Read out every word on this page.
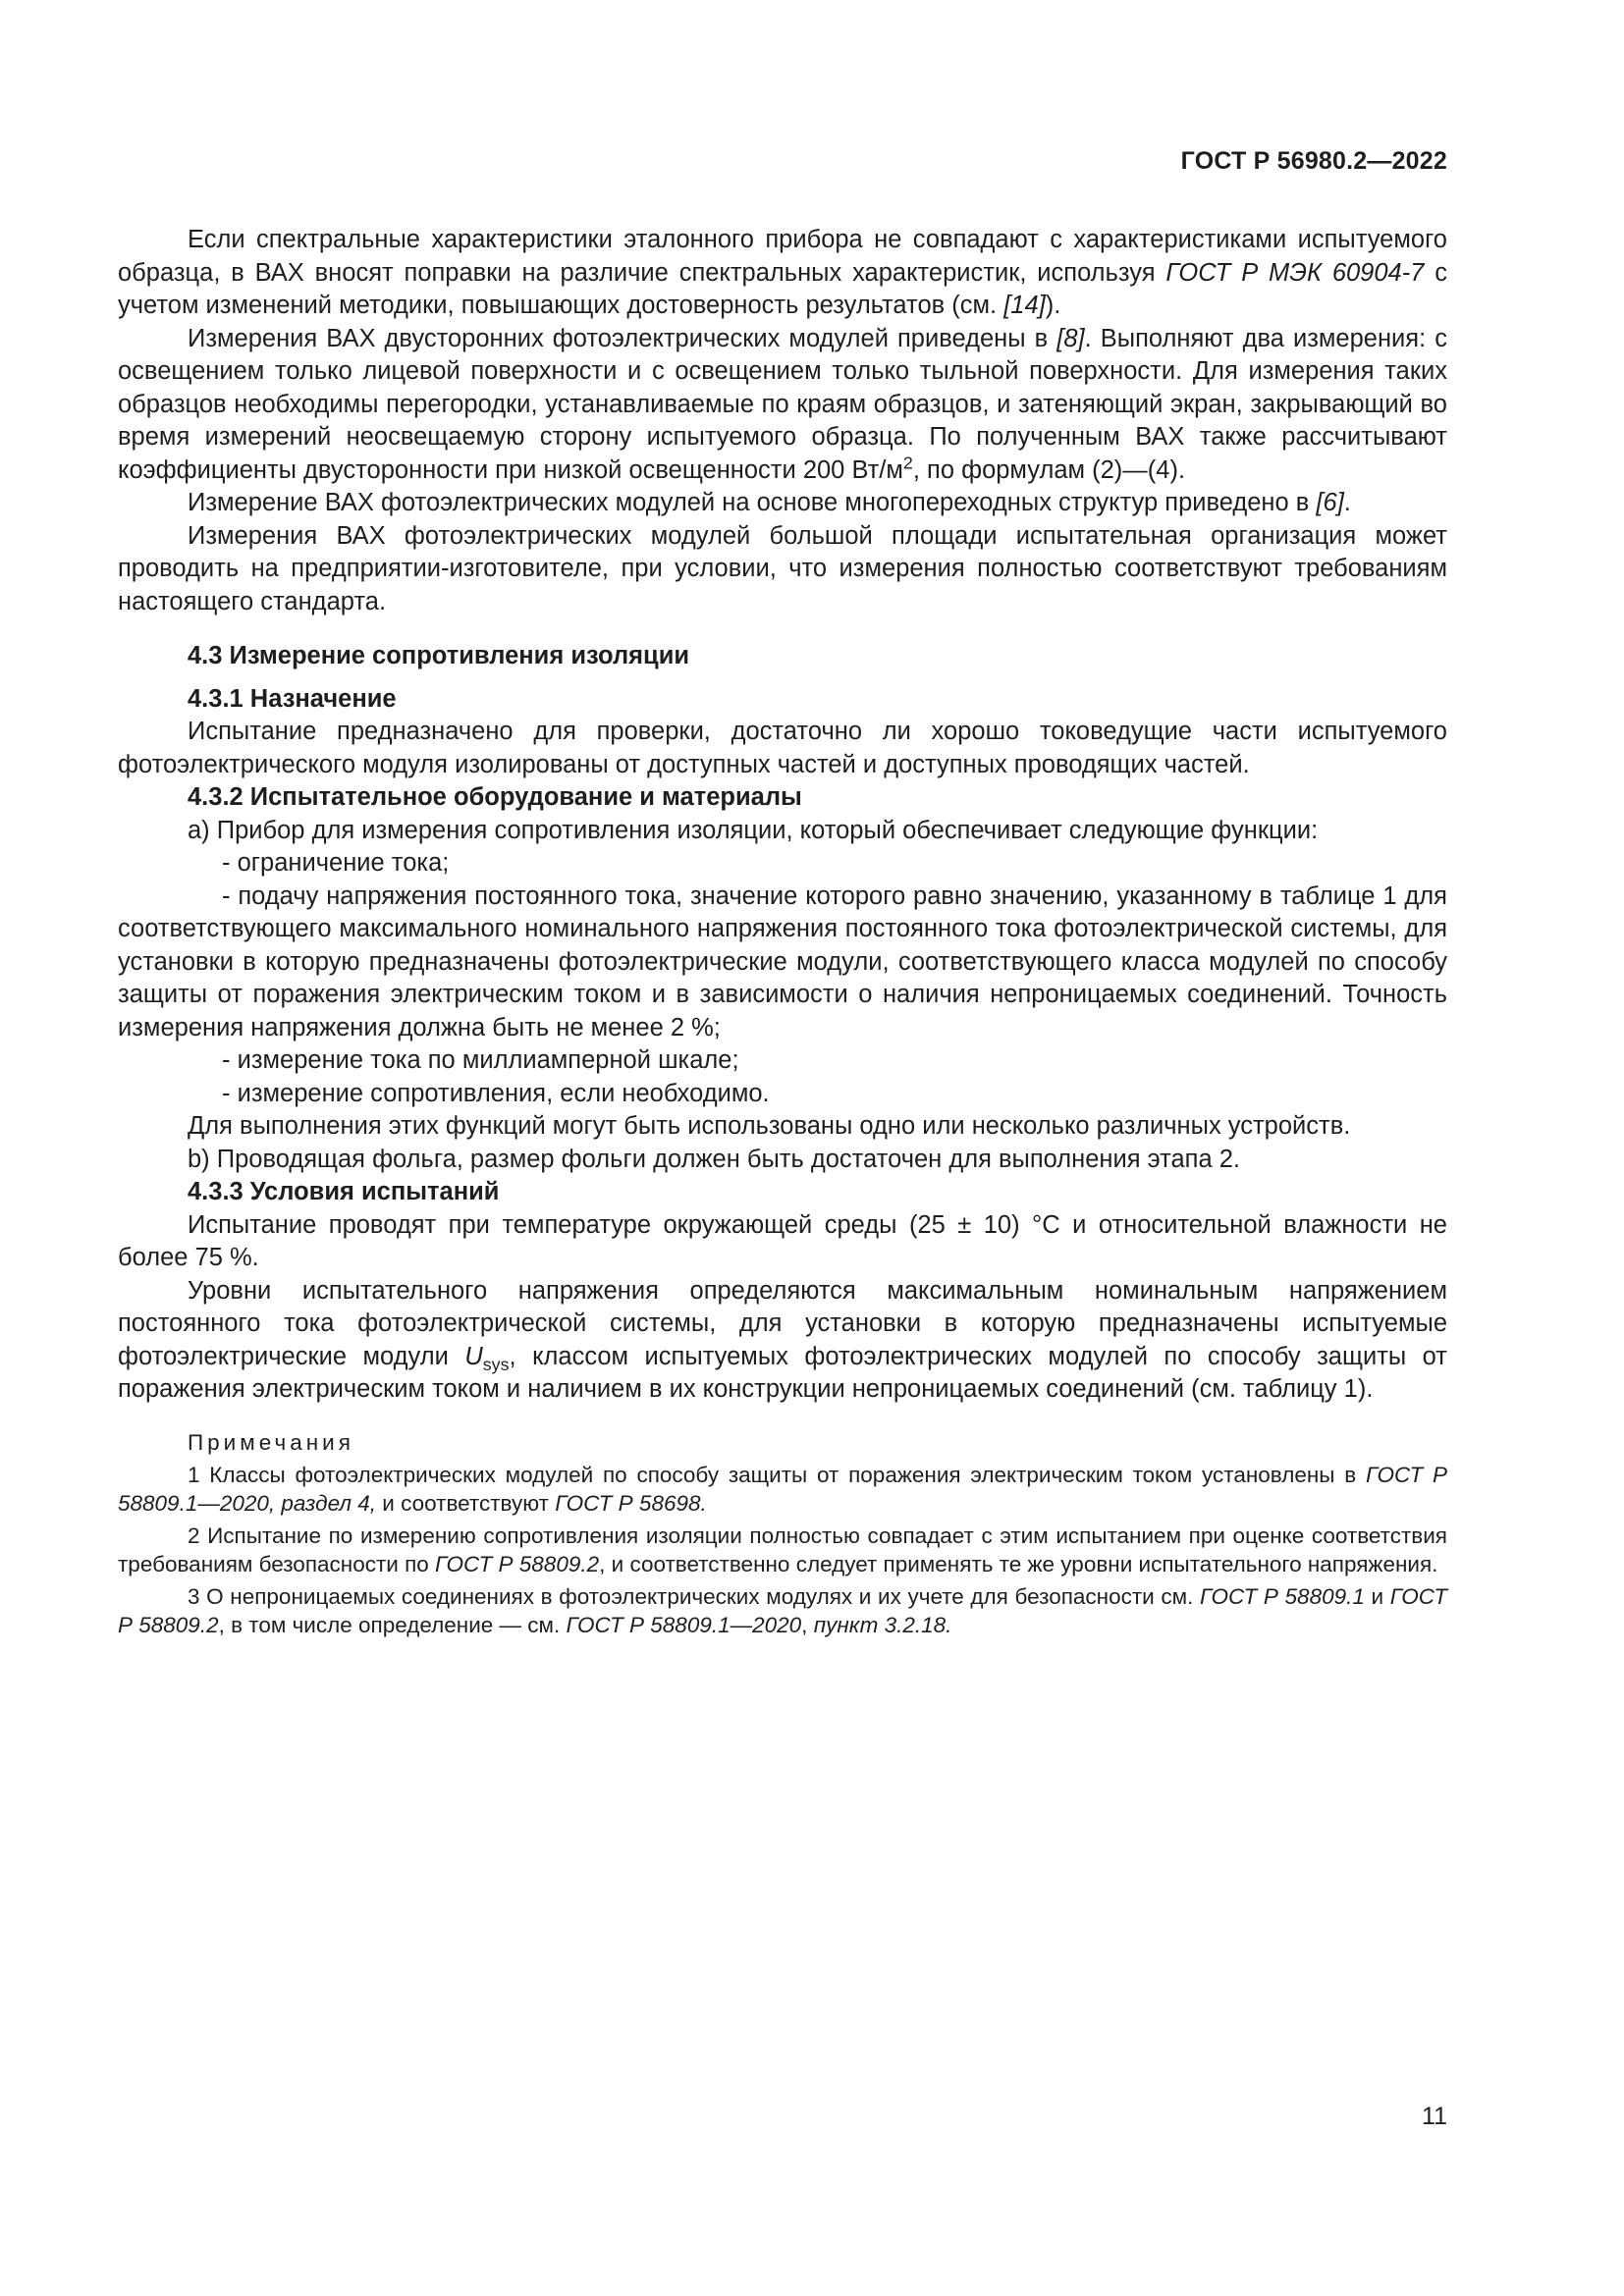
ГОСТ Р 56980.2—2022

Если спектральные характеристики эталонного прибора не совпадают с характеристиками испытуемого образца, в ВАХ вносят поправки на различие спектральных характеристик, используя ГОСТ Р МЭК 60904-7 с учетом изменений методики, повышающих достоверность результатов (см. [14]).

Измерения ВАХ двусторонних фотоэлектрических модулей приведены в [8]. Выполняют два измерения: с освещением только лицевой поверхности и с освещением только тыльной поверхности. Для измерения таких образцов необходимы перегородки, устанавливаемые по краям образцов, и затеняющий экран, закрывающий во время измерений неосвещаемую сторону испытуемого образца. По полученным ВАХ также рассчитывают коэффициенты двусторонности при низкой освещенности 200 $Вт/м^2$, по формулам (2)—(4).

Измерение ВАХ фотоэлектрических модулей на основе многопереходных структур приведено в [6].

Измерения ВАХ фотоэлектрических модулей большой площади испытательная организация может проводить на предприятии-изготовителе, при условии, что измерения полностью соответствуют требованиям настоящего стандарта.

4.3 Измерение сопротивления изоляции
4.3.1 Назначение

Испытание предназначено для проверки, достаточно ли хорошо токоведущие части испытуемого фотоэлектрического модуля изолированы от доступных частей и доступных проводящих частей.

4.3.2 Испытательное оборудование и материалы

a) Прибор для измерения сопротивления изоляции, который обеспечивает следующие функции:

- ограничение тока;

- подачу напряжения постоянного тока, значение которого равно значению, указанному в таблице 1 для соответствующего максимального номинального напряжения постоянного тока фотоэлектрической системы, для установки в которую предназначены фотоэлектрические модули, соответствующего класса модулей по способу защиты от поражения электрическим током и в зависимости о наличия непроницаемых соединений. Точность измерения напряжения должна быть не менее 2 %;

- измерение тока по миллиамперной шкале;

- измерение сопротивления, если необходимо.

Для выполнения этих функций могут быть использованы одно или несколько различных устройств.

b) Проводящая фольга, размер фольги должен быть достаточен для выполнения этапа 2.

4.3.3 Условия испытаний

Испытание проводят при температуре окружающей среды (25 ± 10) °С и относительной влажности не более 75 %.

Уровни испытательного напряжения определяются максимальным номинальным напряжением постоянного тока фотоэлектрической системы, для установки в которую предназначены испытуемые фотоэлектрические модули $U_{sys}$, классом испытуемых фотоэлектрических модулей по способу защиты от поражения электрическим током и наличием в их конструкции непроницаемых соединений (см. таблицу 1).

Примечания

1 Классы фотоэлектрических модулей по способу защиты от поражения электрическим током установлены в ГОСТ Р 58809.1—2020, раздел 4, и соответствуют ГОСТ Р 58698.

2 Испытание по измерению сопротивления изоляции полностью совпадает с этим испытанием при оценке соответствия требованиям безопасности по ГОСТ Р 58809.2, и соответственно следует применять те же уровни испытательного напряжения.

3 О непроницаемых соединениях в фотоэлектрических модулях и их учете для безопасности см. ГОСТ Р 58809.1 и ГОСТ Р 58809.2, в том числе определение — см. ГОСТ Р 58809.1—2020, пункт 3.2.18.

11
